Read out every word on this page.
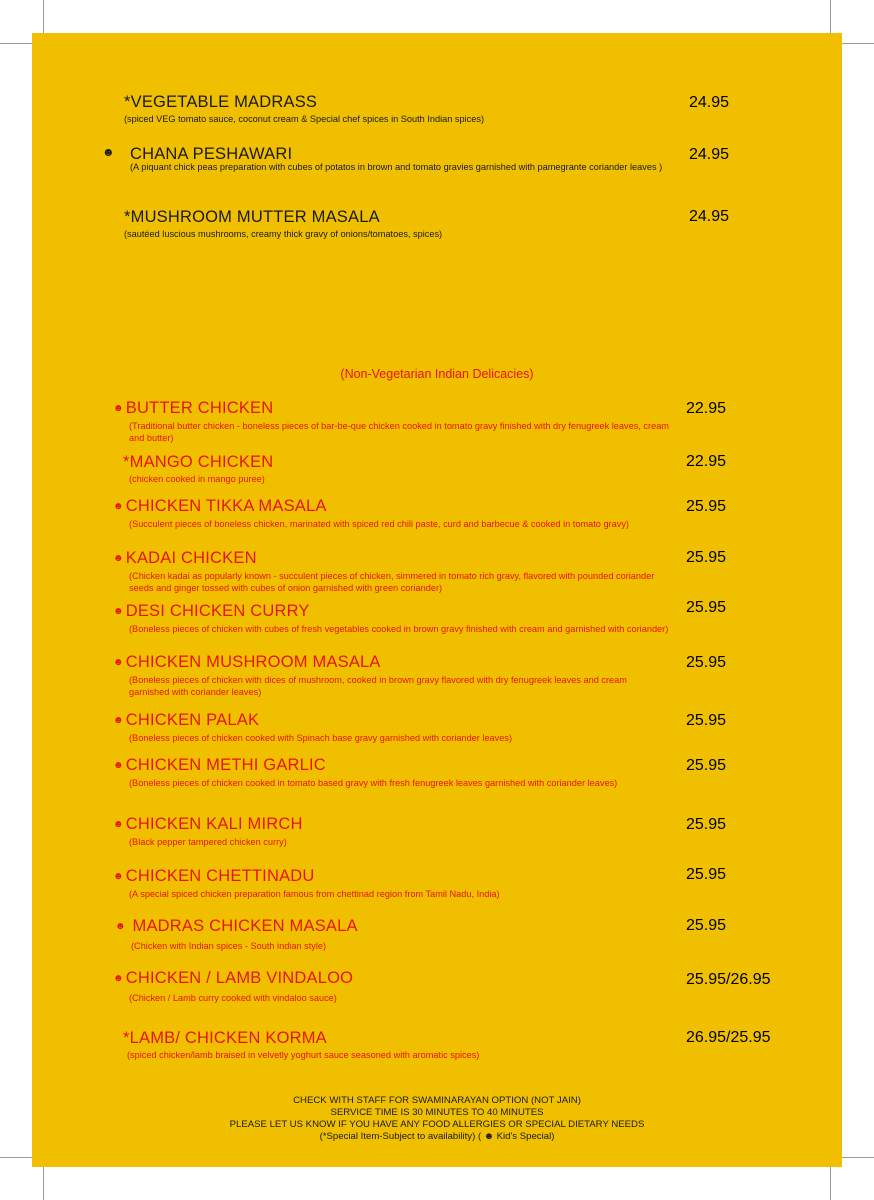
*VEGETABLE MADRASS
(spiced VEG tomato sauce, coconut cream & Special chef spices in South Indian spices)
24.95
☻ CHANA PESHAWARI
(A piquant chick peas preparation with cubes of potatos in brown and tomato gravies garnished with pamegrante coriander leaves )
24.95
*MUSHROOM MUTTER MASALA
(sautéed luscious mushrooms, creamy thick gravy of onions/tomatoes, spices)
24.95
(Non-Vegetarian Indian Delicacies)
☻ BUTTER CHICKEN
(Traditional butter chicken - boneless pieces of bar-be-que chicken cooked in tomato gravy finished with dry fenugreek leaves, cream and butter)
22.95
*MANGO CHICKEN
(chicken cooked in mango puree)
22.95
☻ CHICKEN TIKKA MASALA
(Succulent pieces of boneless chicken, marinated with spiced red chili paste, curd and barbecue & cooked in tomato gravy)
25.95
☻ KADAI CHICKEN
(Chicken kadai as popularly known - succulent pieces of chicken, simmered in tomato rich gravy, flavored with pounded coriander seeds and ginger tossed with cubes of onion garnished with green coriander)
25.95
☻ DESI CHICKEN CURRY
(Boneless pieces of chicken with cubes of fresh vegetables cooked in brown gravy finished with cream and garnished with coriander)
25.95
☻ CHICKEN MUSHROOM MASALA
(Boneless pieces of chicken with dices of mushroom, cooked in brown gravy flavored with dry fenugreek leaves and cream garnished with coriander leaves)
25.95
☻ CHICKEN PALAK
(Boneless pieces of chicken cooked with Spinach base gravy garnished with coriander leaves)
25.95
☻ CHICKEN METHI GARLIC
(Boneless pieces of chicken cooked in tomato based gravy with fresh fenugreek leaves garnished with coriander leaves)
25.95
☻ CHICKEN KALI MIRCH
(Black pepper tampered chicken curry)
25.95
☻ CHICKEN CHETTINADU
(A special spiced chicken preparation famous from chettinad region from Tamil Nadu, India)
25.95
☻ MADRAS CHICKEN MASALA
(Chicken with Indian spices - South indian style)
25.95
☻ CHICKEN / LAMB VINDALOO
(Chicken / Lamb curry cooked with vindaloo sauce)
25.95/26.95
*LAMB/ CHICKEN KORMA
(spiced chicken/lamb braised in velvetly yoghurt sauce seasoned with aromatic spices)
26.95/25.95
CHECK WITH STAFF FOR SWAMINARAYAN OPTION (NOT JAIN)
SERVICE TIME IS 30 MINUTES TO 40 MINUTES
PLEASE LET US KNOW IF YOU HAVE ANY FOOD ALLERGIES OR SPECIAL DIETARY NEEDS
(*Special Item-Subject to availability) ( ☻ Kid's Special)
